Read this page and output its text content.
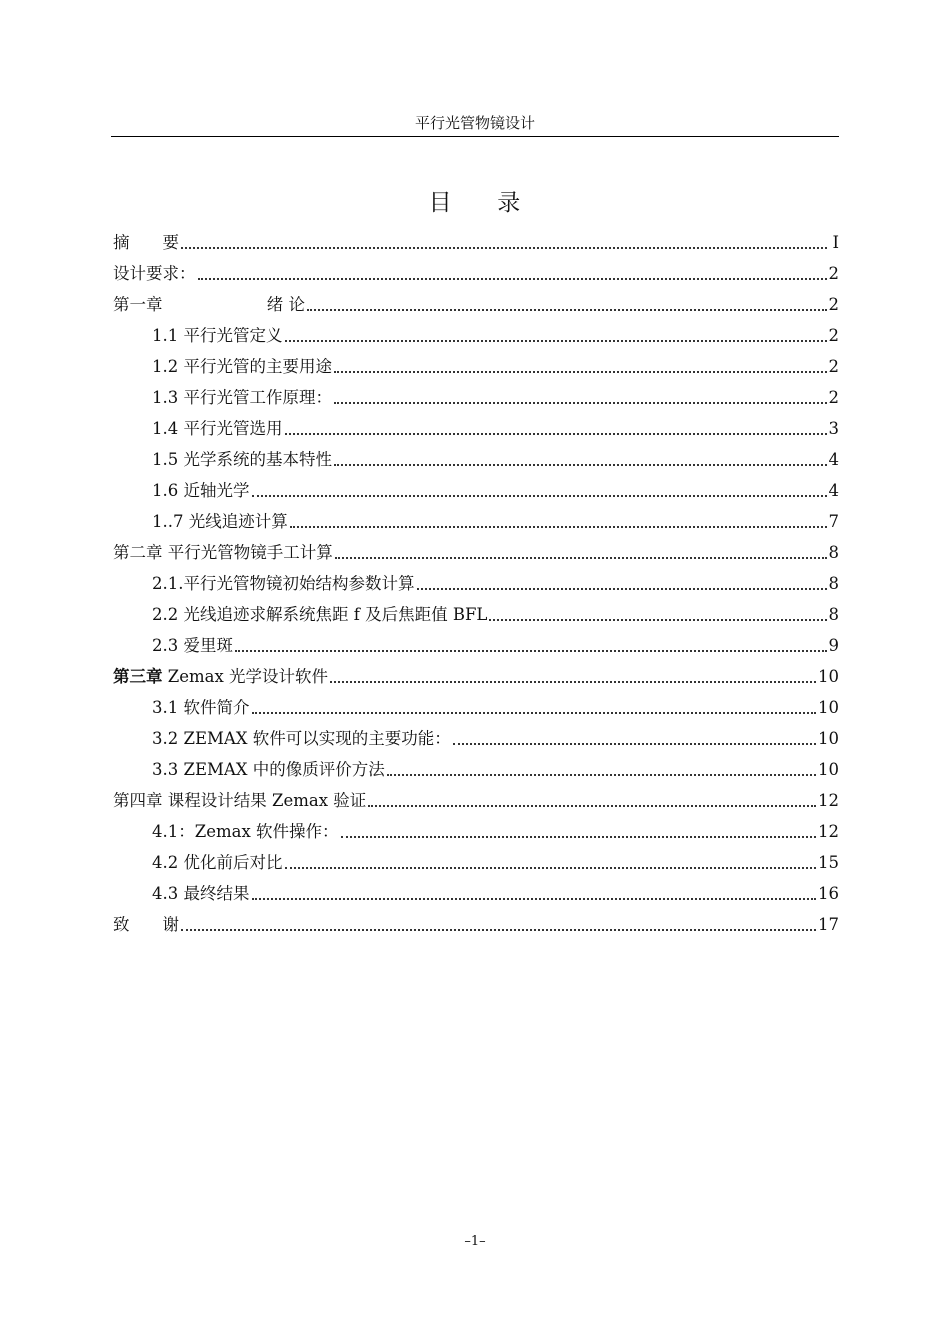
平行光管物镜设计
目 录
摘　　要	I
设计要求：	2
第一章　　　　　　 绪 论	2
1.1 平行光管定义	2
1.2 平行光管的主要用途	2
1.3 平行光管工作原理：	2
1.4 平行光管选用	3
1.5 光学系统的基本特性	4
1.6 近轴光学	4
1..7 光线追迹计算	7
第二章 平行光管物镜手工计算	8
2.1.平行光管物镜初始结构参数计算	8
2.2 光线追迹求解系统焦距 f 及后焦距值 BFL	8
2.3 爱里斑	9
第三章 Zemax 光学设计软件	10
3.1 软件简介	10
3.2 ZEMAX 软件可以实现的主要功能：	10
3.3 ZEMAX 中的像质评价方法	10
第四章 课程设计结果 Zemax 验证	12
4.1：Zemax 软件操作：	12
4.2 优化前后对比	15
4.3 最终结果	16
致　　谢	17
–1–
